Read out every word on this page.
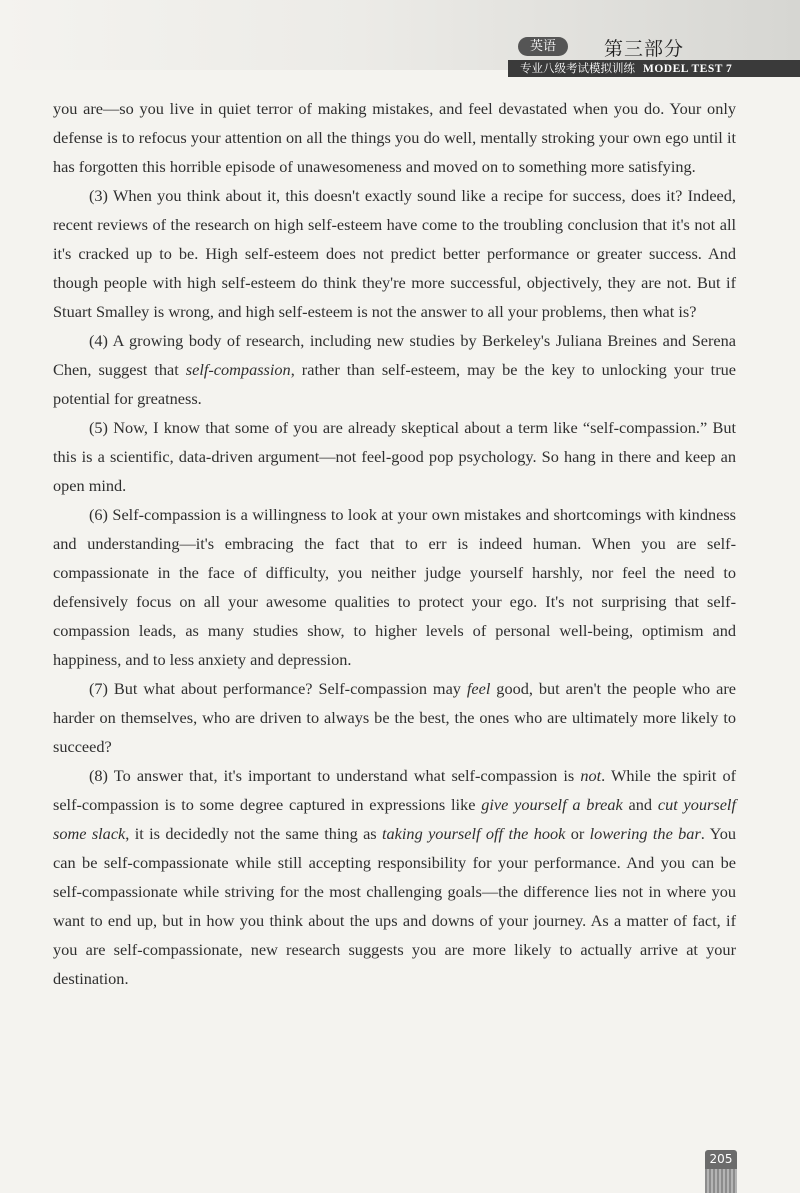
英语	第三部分
专业八级考试模拟训练 MODEL TEST 7

you are—so you live in quiet terror of making mistakes, and feel devastated when you do. Your only defense is to refocus your attention on all the things you do well, mentally stroking your own ego until it has forgotten this horrible episode of unawesomeness and moved on to something more satisfying.

(3) When you think about it, this doesn't exactly sound like a recipe for success, does it? Indeed, recent reviews of the research on high self-esteem have come to the troubling conclusion that it's not all it's cracked up to be. High self-esteem does not predict better performance or greater success. And though people with high self-esteem do think they're more successful, objectively, they are not. But if Stuart Smalley is wrong, and high self-esteem is not the answer to all your problems, then what is?

(4) A growing body of research, including new studies by Berkeley's Juliana Breines and Serena Chen, suggest that self-compassion, rather than self-esteem, may be the key to unlocking your true potential for greatness.

(5) Now, I know that some of you are already skeptical about a term like “self-compassion.” But this is a scientific, data-driven argument—not feel-good pop psychology. So hang in there and keep an open mind.

(6) Self-compassion is a willingness to look at your own mistakes and shortcomings with kindness and understanding—it's embracing the fact that to err is indeed human. When you are self-compassionate in the face of difficulty, you neither judge yourself harshly, nor feel the need to defensively focus on all your awesome qualities to protect your ego. It's not surprising that self-compassion leads, as many studies show, to higher levels of personal well-being, optimism and happiness, and to less anxiety and depression.

(7) But what about performance? Self-compassion may feel good, but aren't the people who are harder on themselves, who are driven to always be the best, the ones who are ultimately more likely to succeed?

(8) To answer that, it's important to understand what self-compassion is not. While the spirit of self-compassion is to some degree captured in expressions like give yourself a break and cut yourself some slack, it is decidedly not the same thing as taking yourself off the hook or lowering the bar. You can be self-compassionate while still accepting responsibility for your performance. And you can be self-compassionate while striving for the most challenging goals—the difference lies not in where you want to end up, but in how you think about the ups and downs of your journey. As a matter of fact, if you are self-compassionate, new research suggests you are more likely to actually arrive at your destination.

205
